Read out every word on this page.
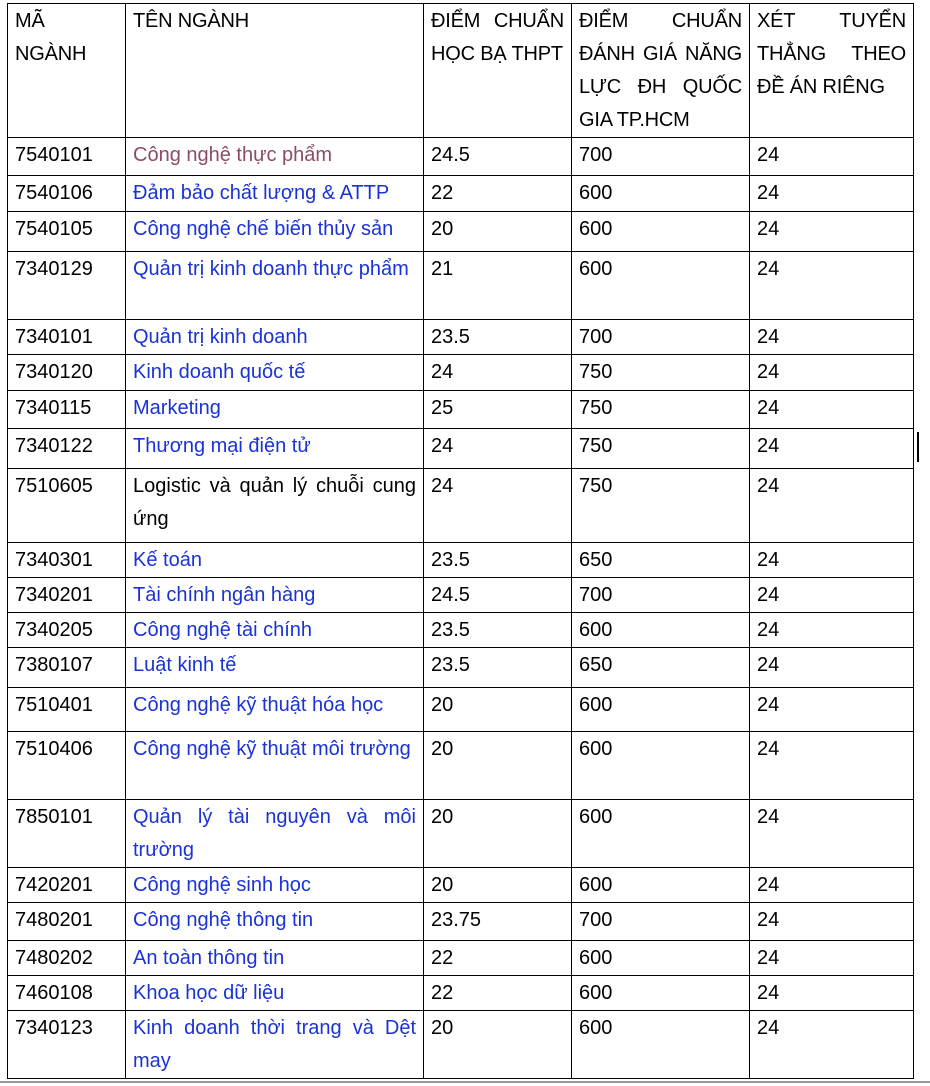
MÃ NGÀNH	TÊN NGÀNH	ĐIỂM CHUẨN HỌC BẠ THPT	ĐIỂM CHUẨN ĐÁNH GIÁ NĂNG LỰC ĐH QUỐC GIA TP.HCM	XÉT TUYỂN THẲNG THEO ĐỀ ÁN RIÊNG
7540101	Công nghệ thực phẩm	24.5	700	24
7540106	Đảm bảo chất lượng & ATTP	22	600	24
7540105	Công nghệ chế biến thủy sản	20	600	24
7340129	Quản trị kinh doanh thực phẩm	21	600	24
7340101	Quản trị kinh doanh	23.5	700	24
7340120	Kinh doanh quốc tế	24	750	24
7340115	Marketing	25	750	24
7340122	Thương mại điện tử	24	750	24
7510605	Logistic và quản lý chuỗi cung ứng	24	750	24
7340301	Kế toán	23.5	650	24
7340201	Tài chính ngân hàng	24.5	700	24
7340205	Công nghệ tài chính	23.5	600	24
7380107	Luật kinh tế	23.5	650	24
7510401	Công nghệ kỹ thuật hóa học	20	600	24
7510406	Công nghệ kỹ thuật môi trường	20	600	24
7850101	Quản lý tài nguyên và môi trường	20	600	24
7420201	Công nghệ sinh học	20	600	24
7480201	Công nghệ thông tin	23.75	700	24
7480202	An toàn thông tin	22	600	24
7460108	Khoa học dữ liệu	22	600	24
7340123	Kinh doanh thời trang và Dệt may	20	600	24
